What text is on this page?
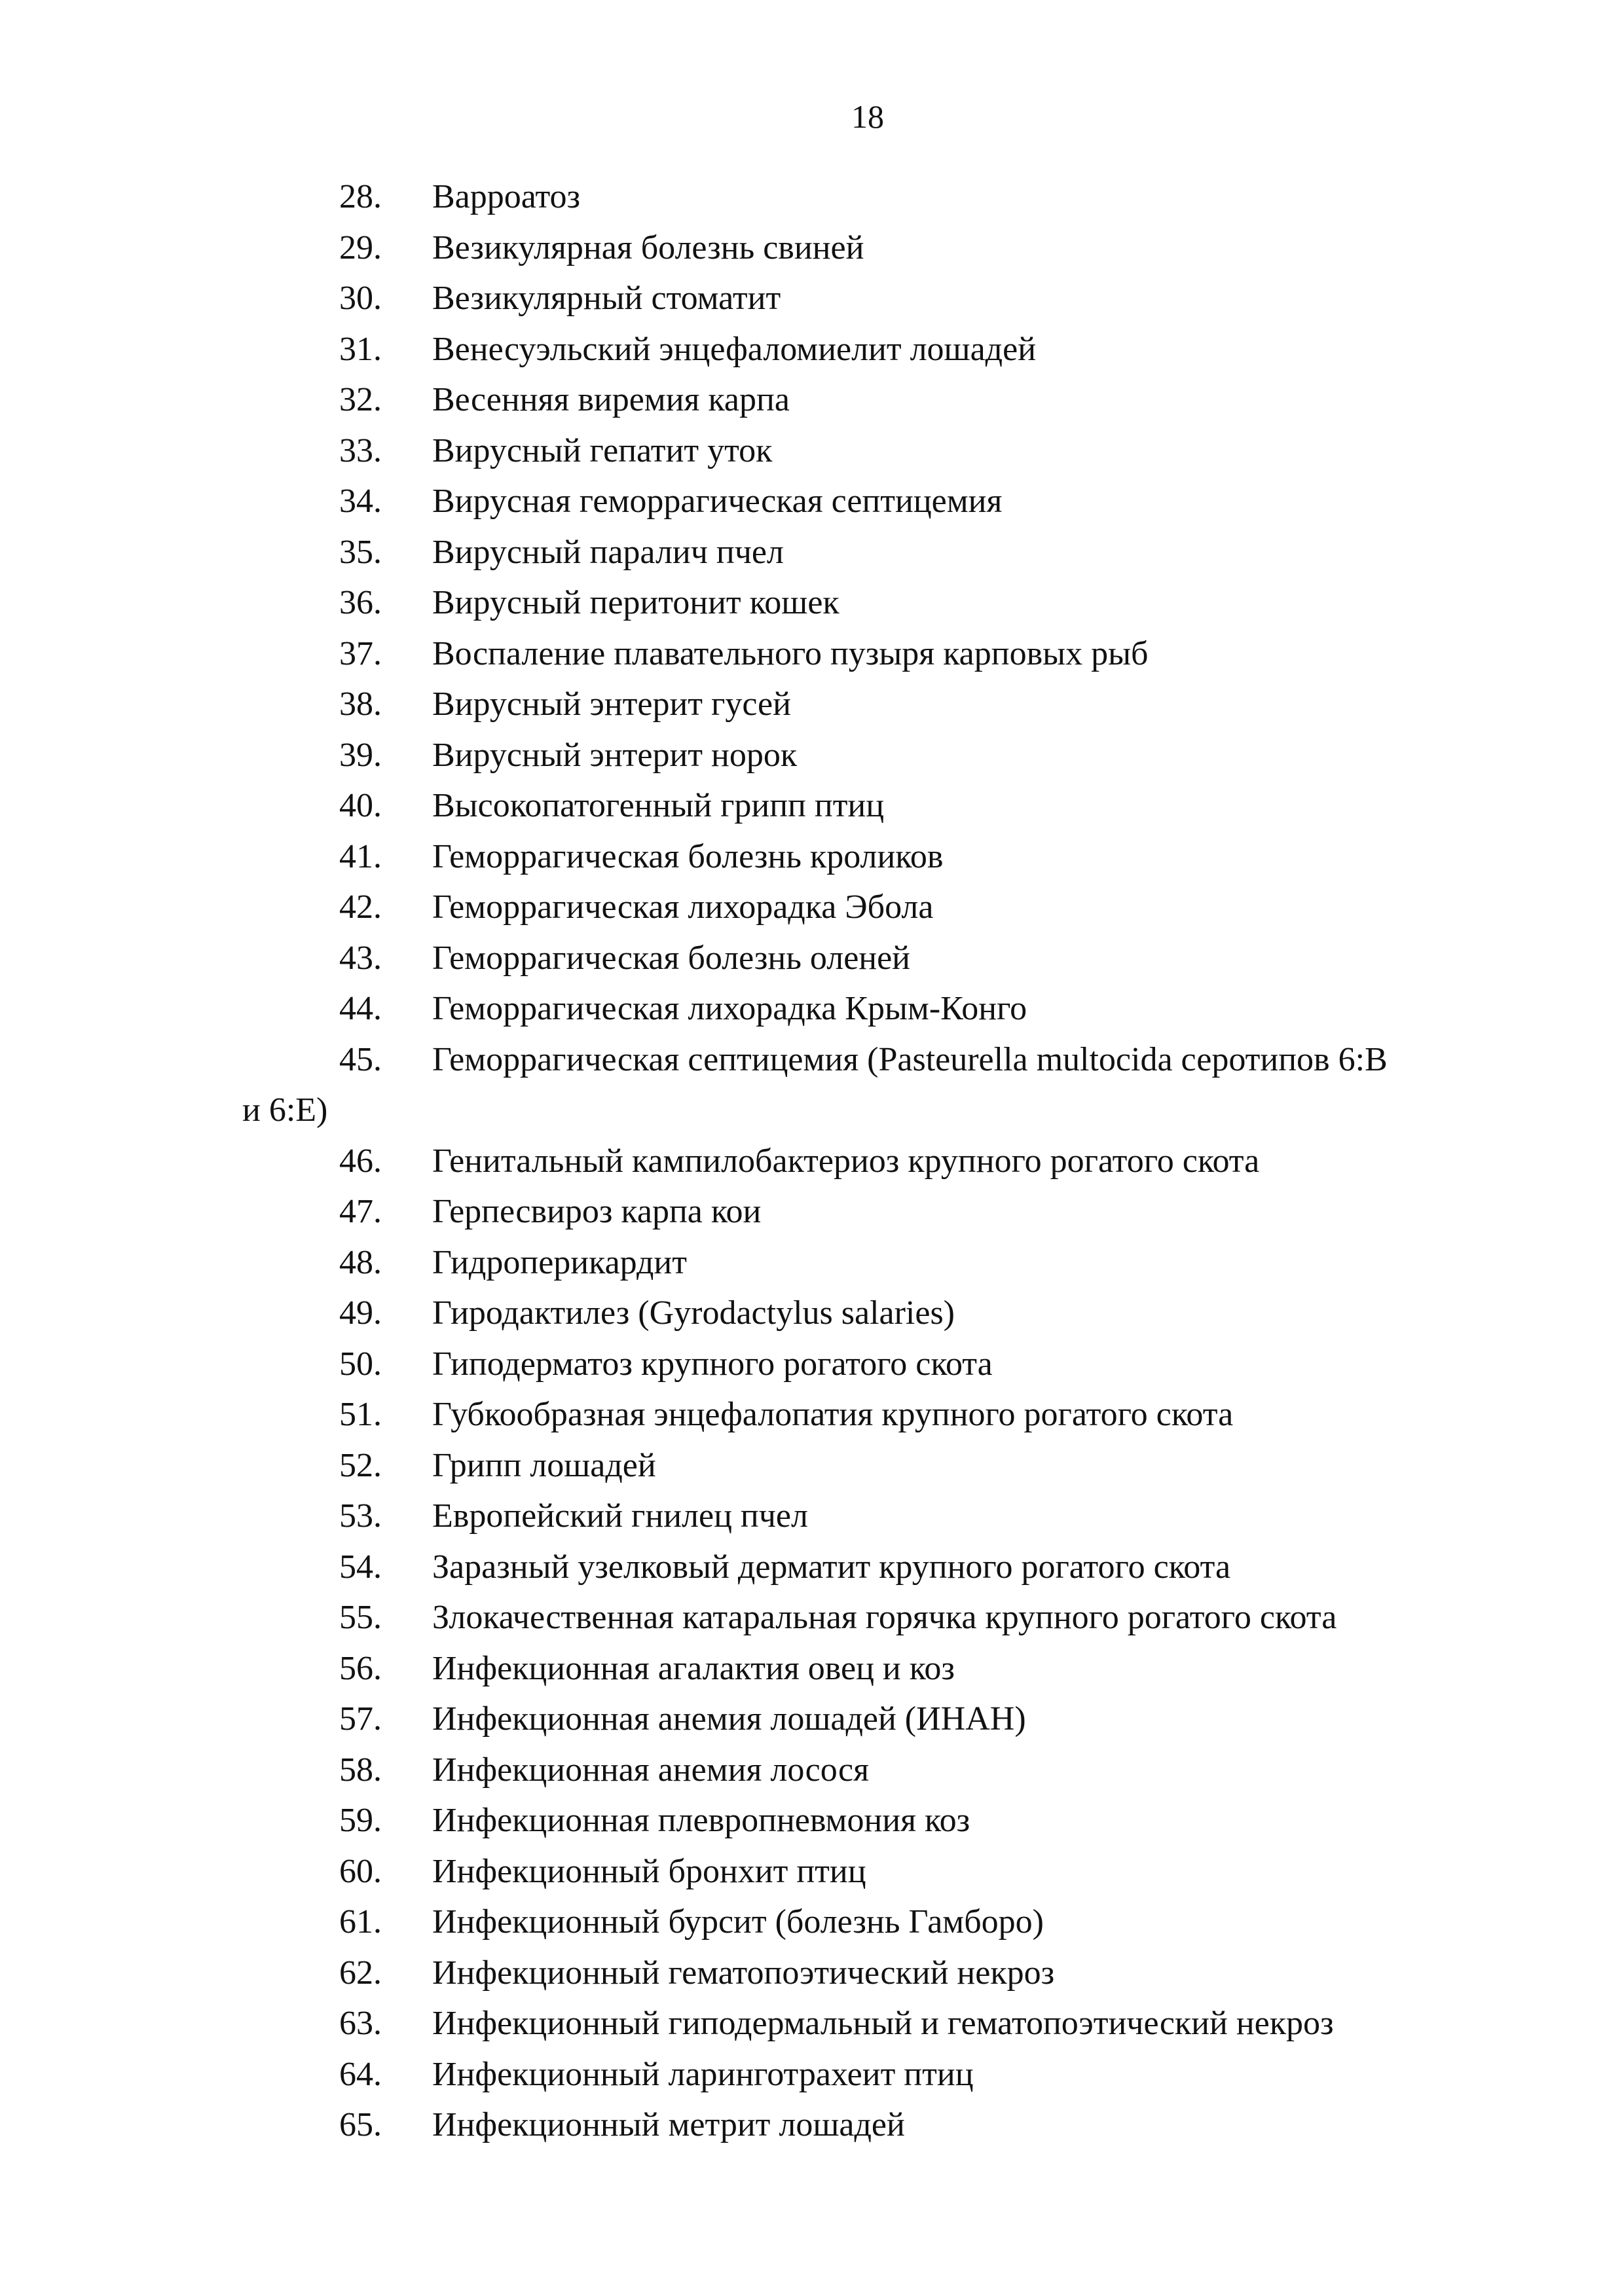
18
28. Варроатоз
29. Везикулярная болезнь свиней
30. Везикулярный стоматит
31. Венесуэльский энцефаломиелит лошадей
32. Весенняя виремия карпа
33. Вирусный гепатит уток
34. Вирусная геморрагическая септицемия
35. Вирусный паралич пчел
36. Вирусный перитонит кошек
37. Воспаление плавательного пузыря карповых рыб
38. Вирусный энтерит гусей
39. Вирусный энтерит норок
40. Высокопатогенный грипп птиц
41. Геморрагическая болезнь кроликов
42. Геморрагическая лихорадка Эбола
43. Геморрагическая болезнь оленей
44. Геморрагическая лихорадка Крым-Конго
45. Геморрагическая септицемия (Pasteurella multocida серотипов 6:B
и 6:E)
46. Генитальный кампилобактериоз крупного рогатого скота
47. Герпесвироз карпа кои
48. Гидроперикардит
49. Гиродактилез (Gyrodactylus salaries)
50. Гиподерматоз крупного рогатого скота
51. Губкообразная энцефалопатия крупного рогатого скота
52. Грипп лошадей
53. Европейский гнилец пчел
54. Заразный узелковый дерматит крупного рогатого скота
55. Злокачественная катаральная горячка крупного рогатого скота
56. Инфекционная агалактия овец и коз
57. Инфекционная анемия лошадей (ИНАН)
58. Инфекционная анемия лосося
59. Инфекционная плевропневмония коз
60. Инфекционный бронхит птиц
61. Инфекционный бурсит (болезнь Гамборо)
62. Инфекционный гематопоэтический некроз
63. Инфекционный гиподермальный и гематопоэтический некроз
64. Инфекционный ларинготрахеит птиц
65. Инфекционный метрит лошадей
